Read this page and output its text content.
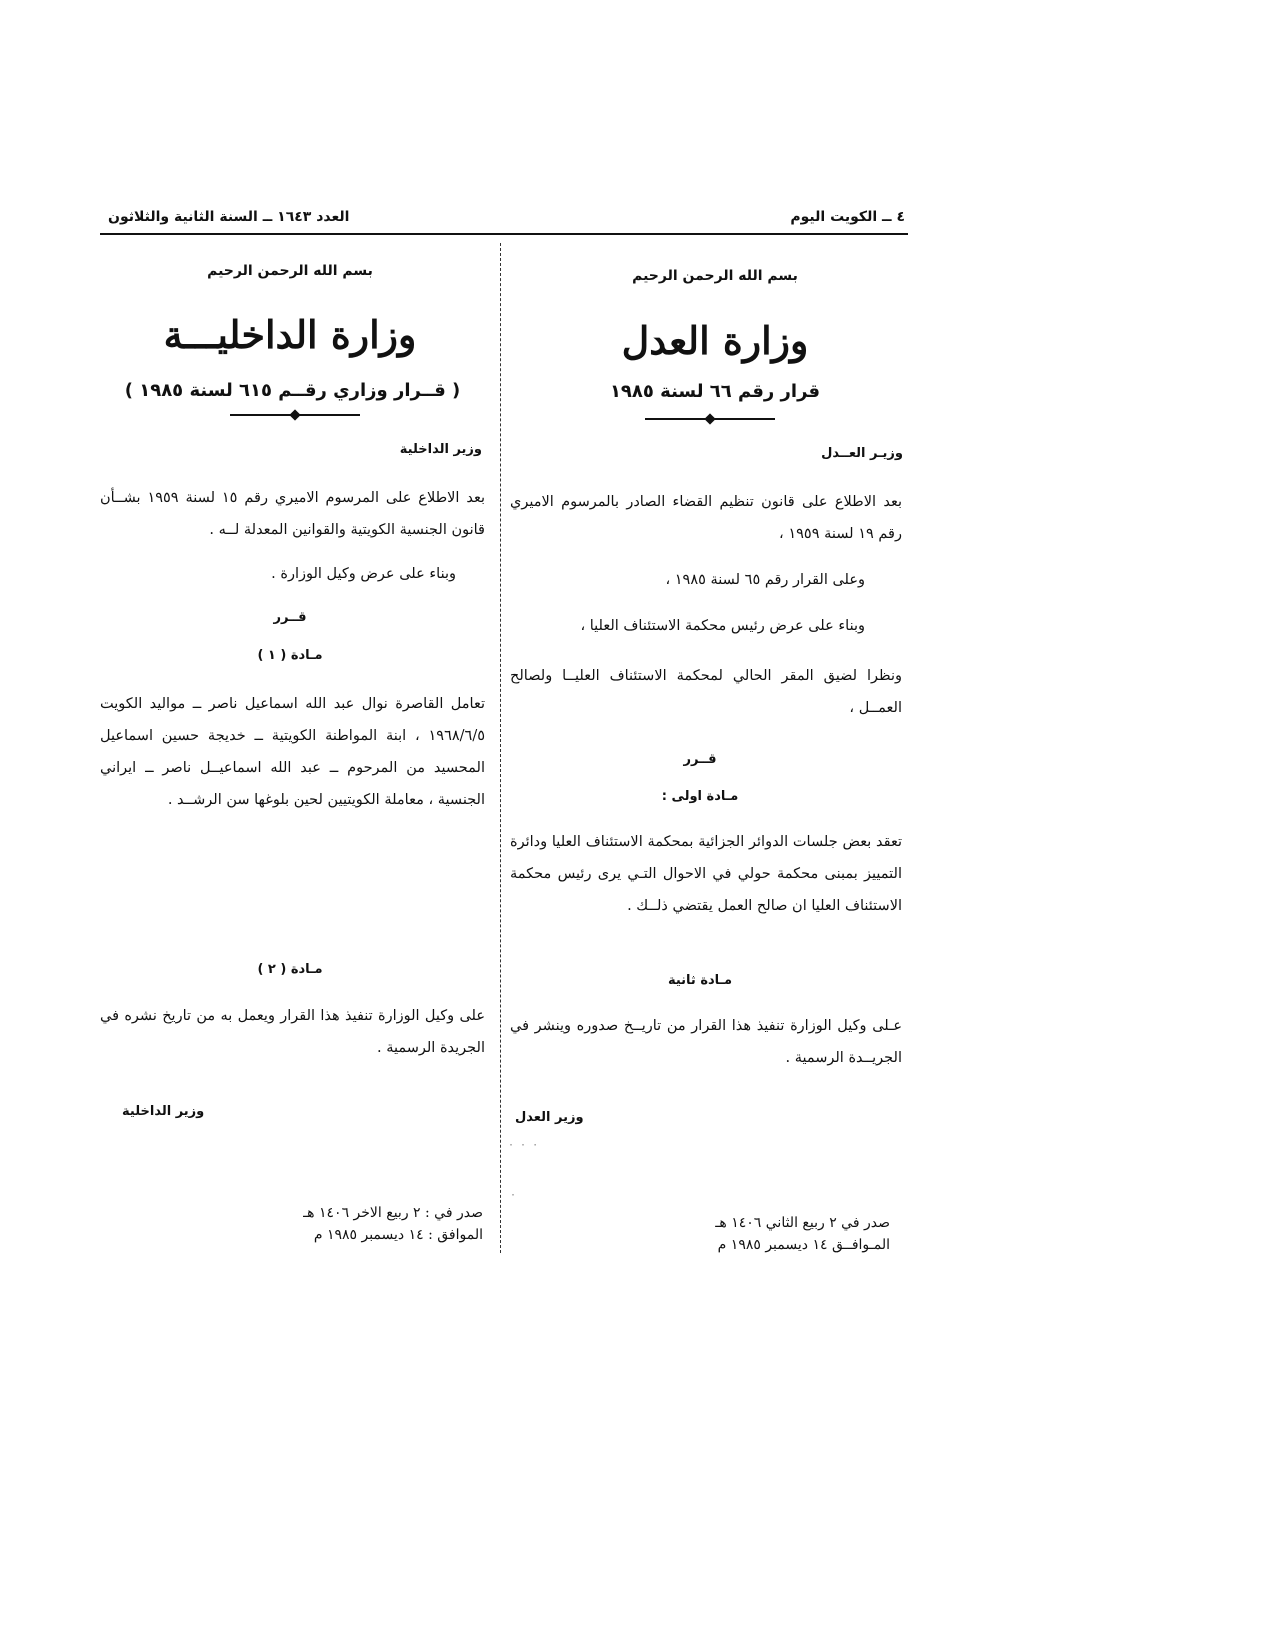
٤ ــ الكويت اليوم
العدد ١٦٤٣ ــ السنة الثانية والثلاثون
بسم الله الرحمن الرحيم
وزارة العدل
قرار رقم ٦٦ لسنة ١٩٨٥
وزيـر العــدل
بعد الاطلاع على قانون تنظيم القضاء الصادر بالمرسوم الاميري رقم ١٩ لسنة ١٩٥٩ ،
وعلى القرار رقم ٦٥ لسنة ١٩٨٥ ،
وبناء على عرض رئيس محكمة الاستئناف العليا ،
ونظرا لضيق المقر الحالي لمحكمة الاستئناف العليــا ولصالح العمــل ،
قــرر
مـادة اولى :
تعقد بعض جلسات الدوائر الجزائية بمحكمة الاستئناف العليا ودائرة التمييز بمبنى محكمة حولي في الاحوال التـي يرى رئيس محكمة الاستئناف العليا ان صالح العمل يقتضي ذلــك .
مـادة ثانية
عـلى وكيل الوزارة تنفيذ هذا القرار من تاريــخ صدوره وينشر في الجريــدة الرسمية .
وزير العدل
· · ·
·
صدر في ٢ ربيع الثاني ١٤٠٦ هـ
المـوافــق ١٤ ديسمبر ١٩٨٥ م
بسم الله الرحمن الرحيم
وزارة الداخليـــة
( قــرار وزاري رقــم ٦١٥ لسنة ١٩٨٥ )
وزير الداخلية
بعد الاطلاع على المرسوم الاميري رقم ١٥ لسنة ١٩٥٩ بشــأن قانون الجنسية الكويتية والقوانين المعدلة لــه .
وبناء على عرض وكيل الوزارة .
قــرر
مـادة ( ١ )
تعامل القاصرة نوال عبد الله اسماعيل ناصر ــ مواليد الكويت ١٩٦٨/٦/٥ ، ابنة المواطنة الكويتية ــ خديجة حسين اسماعيل المحسيد من المرحوم ــ عبد الله اسماعيــل ناصر ــ ايراني الجنسية ، معاملة الكويتيين لحين بلوغها سن الرشــد .
مـادة ( ٢ )
على وكيل الوزارة تنفيذ هذا القرار ويعمل به من تاريخ نشره في الجريدة الرسمية .
وزير الداخلية
صدر في : ٢ ربيع الاخر ١٤٠٦ هـ
الموافق : ١٤ ديسمبر ١٩٨٥ م
